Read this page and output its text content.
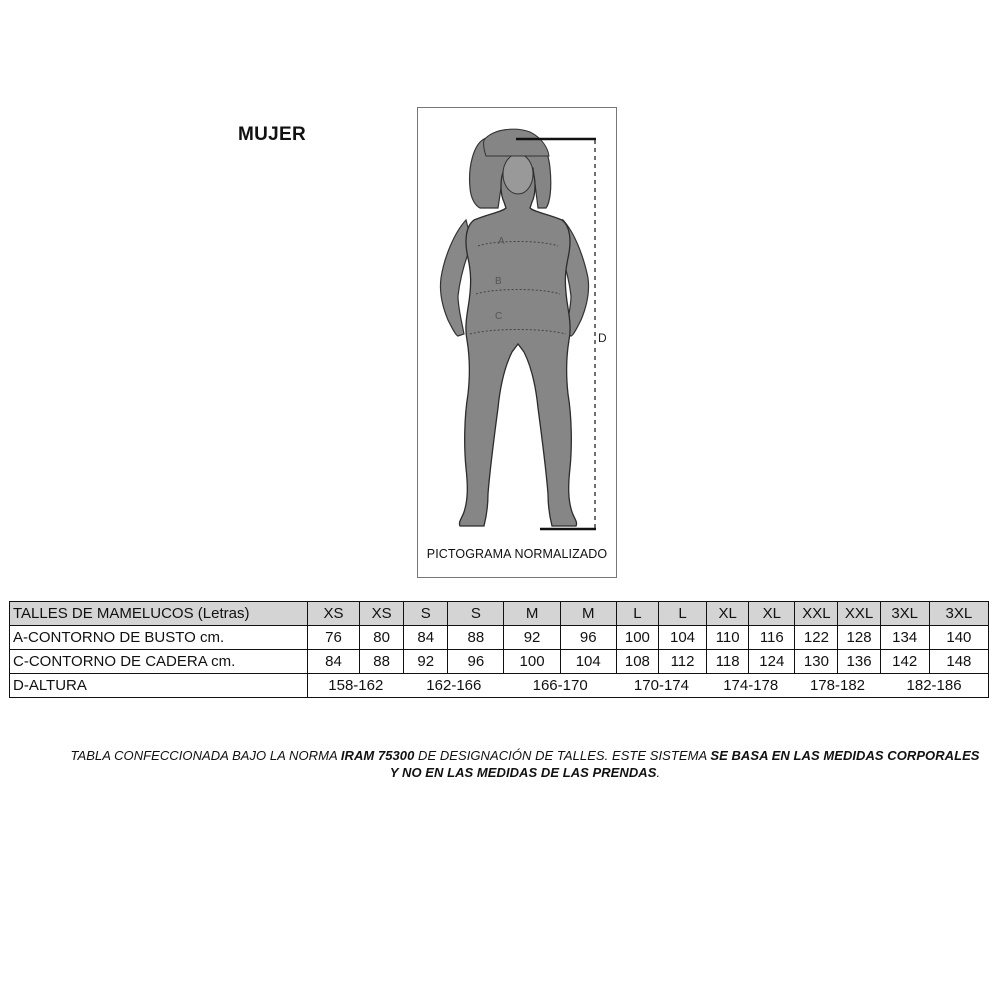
MUJER
A
B
C
D
PICTOGRAMA NORMALIZADO
TALLES DE MAMELUCOS (Letras)	XS	XS	S	S	M	M	L	L	XL	XL	XXL	XXL	3XL	3XL
A-CONTORNO DE BUSTO cm.	76	80	84	88	92	96	100	104	110	116	122	128	134	140
C-CONTORNO DE CADERA cm.	84	88	92	96	100	104	108	112	118	124	130	136	142	148
D-ALTURA	158-162		162-166		166-170		170-174		174-178		178-182		182-186	
TABLA CONFECCIONADA BAJO LA NORMA IRAM 75300 DE DESIGNACIÓN DE TALLES. ESTE SISTEMA SE BASA EN LAS MEDIDAS CORPORALES
Y NO EN LAS MEDIDAS DE LAS PRENDAS.
